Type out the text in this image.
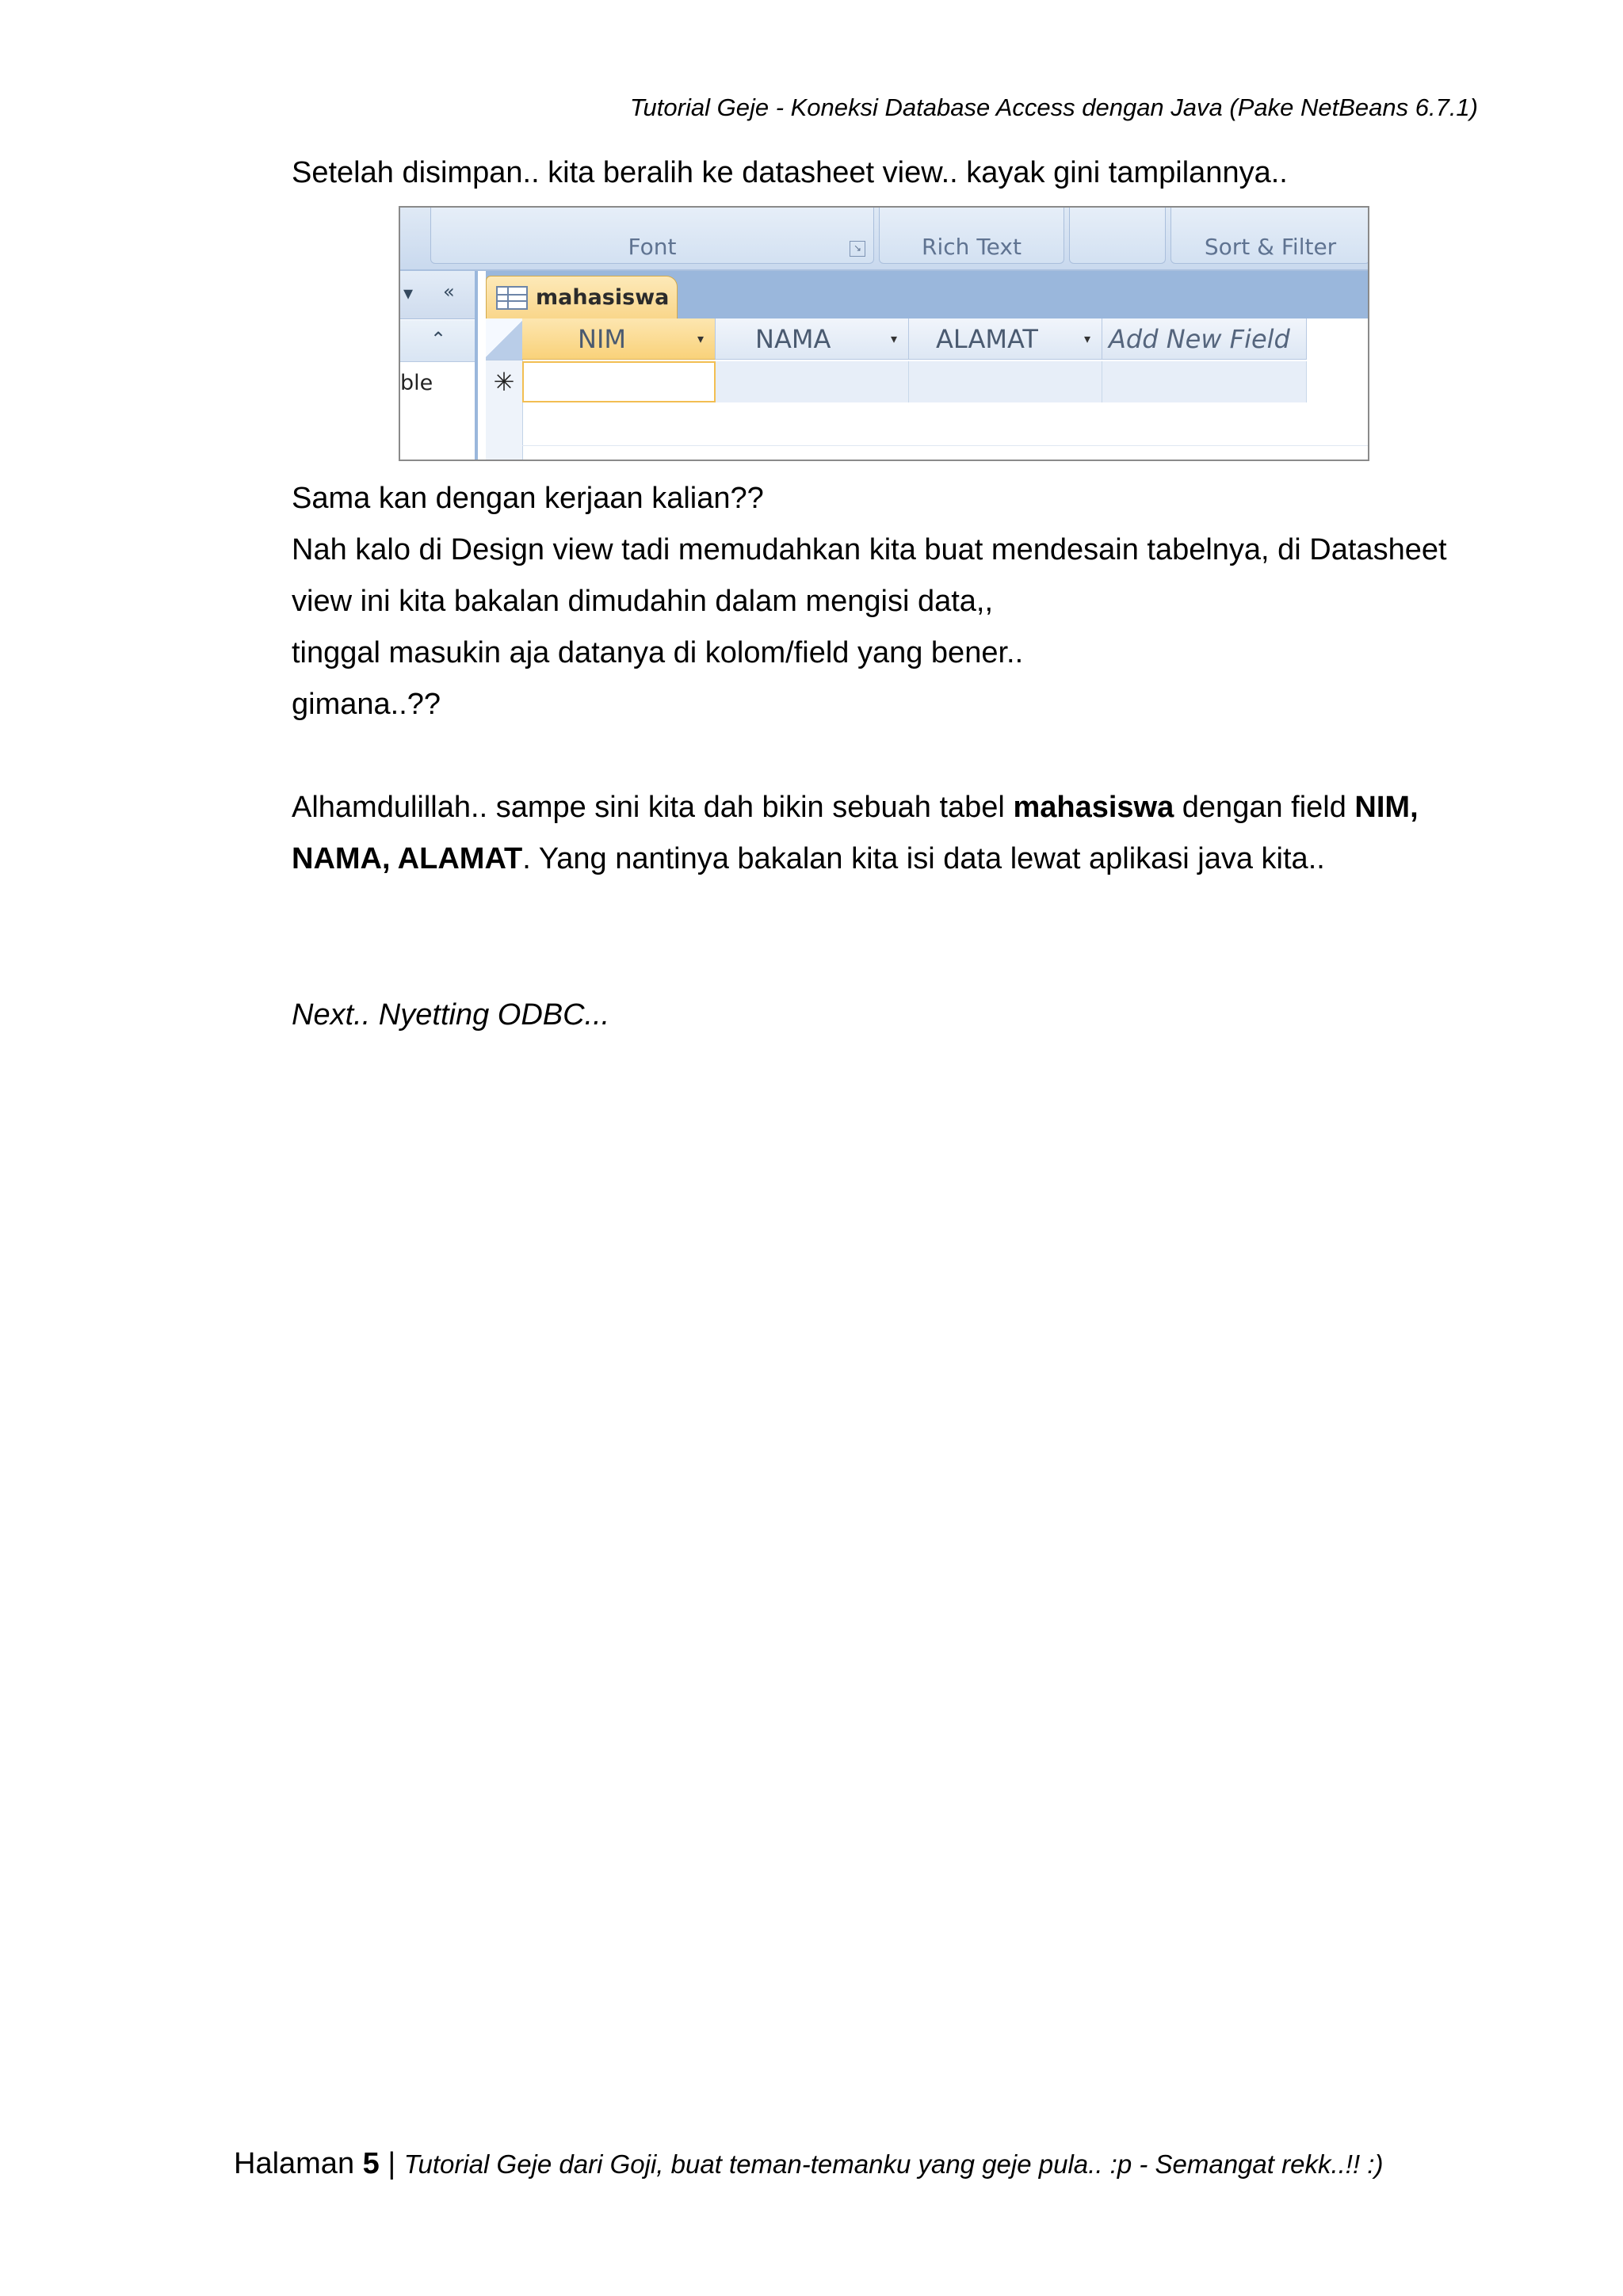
Tutorial Geje - Koneksi Database Access dengan Java (Pake NetBeans 6.7.1)
Setelah disimpan.. kita beralih ke datasheet view.. kayak gini tampilannya..
Font	↘	Rich Text	Sort & Filter
▾ «
⌃
ble
mahasiswa
✳
NIM	▾ NAMA	▾ ALAMAT	▾ Add New Field
Sama kan dengan kerjaan kalian??
Nah kalo di Design view tadi memudahkan kita buat mendesain tabelnya, di Datasheet
view ini kita bakalan dimudahin dalam mengisi data,,
tinggal masukin aja datanya di kolom/field yang bener..
gimana..??
Alhamdulillah.. sampe sini kita dah bikin sebuah tabel mahasiswa dengan field NIM,
NAMA, ALAMAT. Yang nantinya bakalan kita isi data lewat aplikasi java kita..
Next.. Nyetting ODBC...
Halaman 5 | Tutorial Geje dari Goji, buat teman-temanku yang geje pula.. :p - Semangat rekk..!! :)
